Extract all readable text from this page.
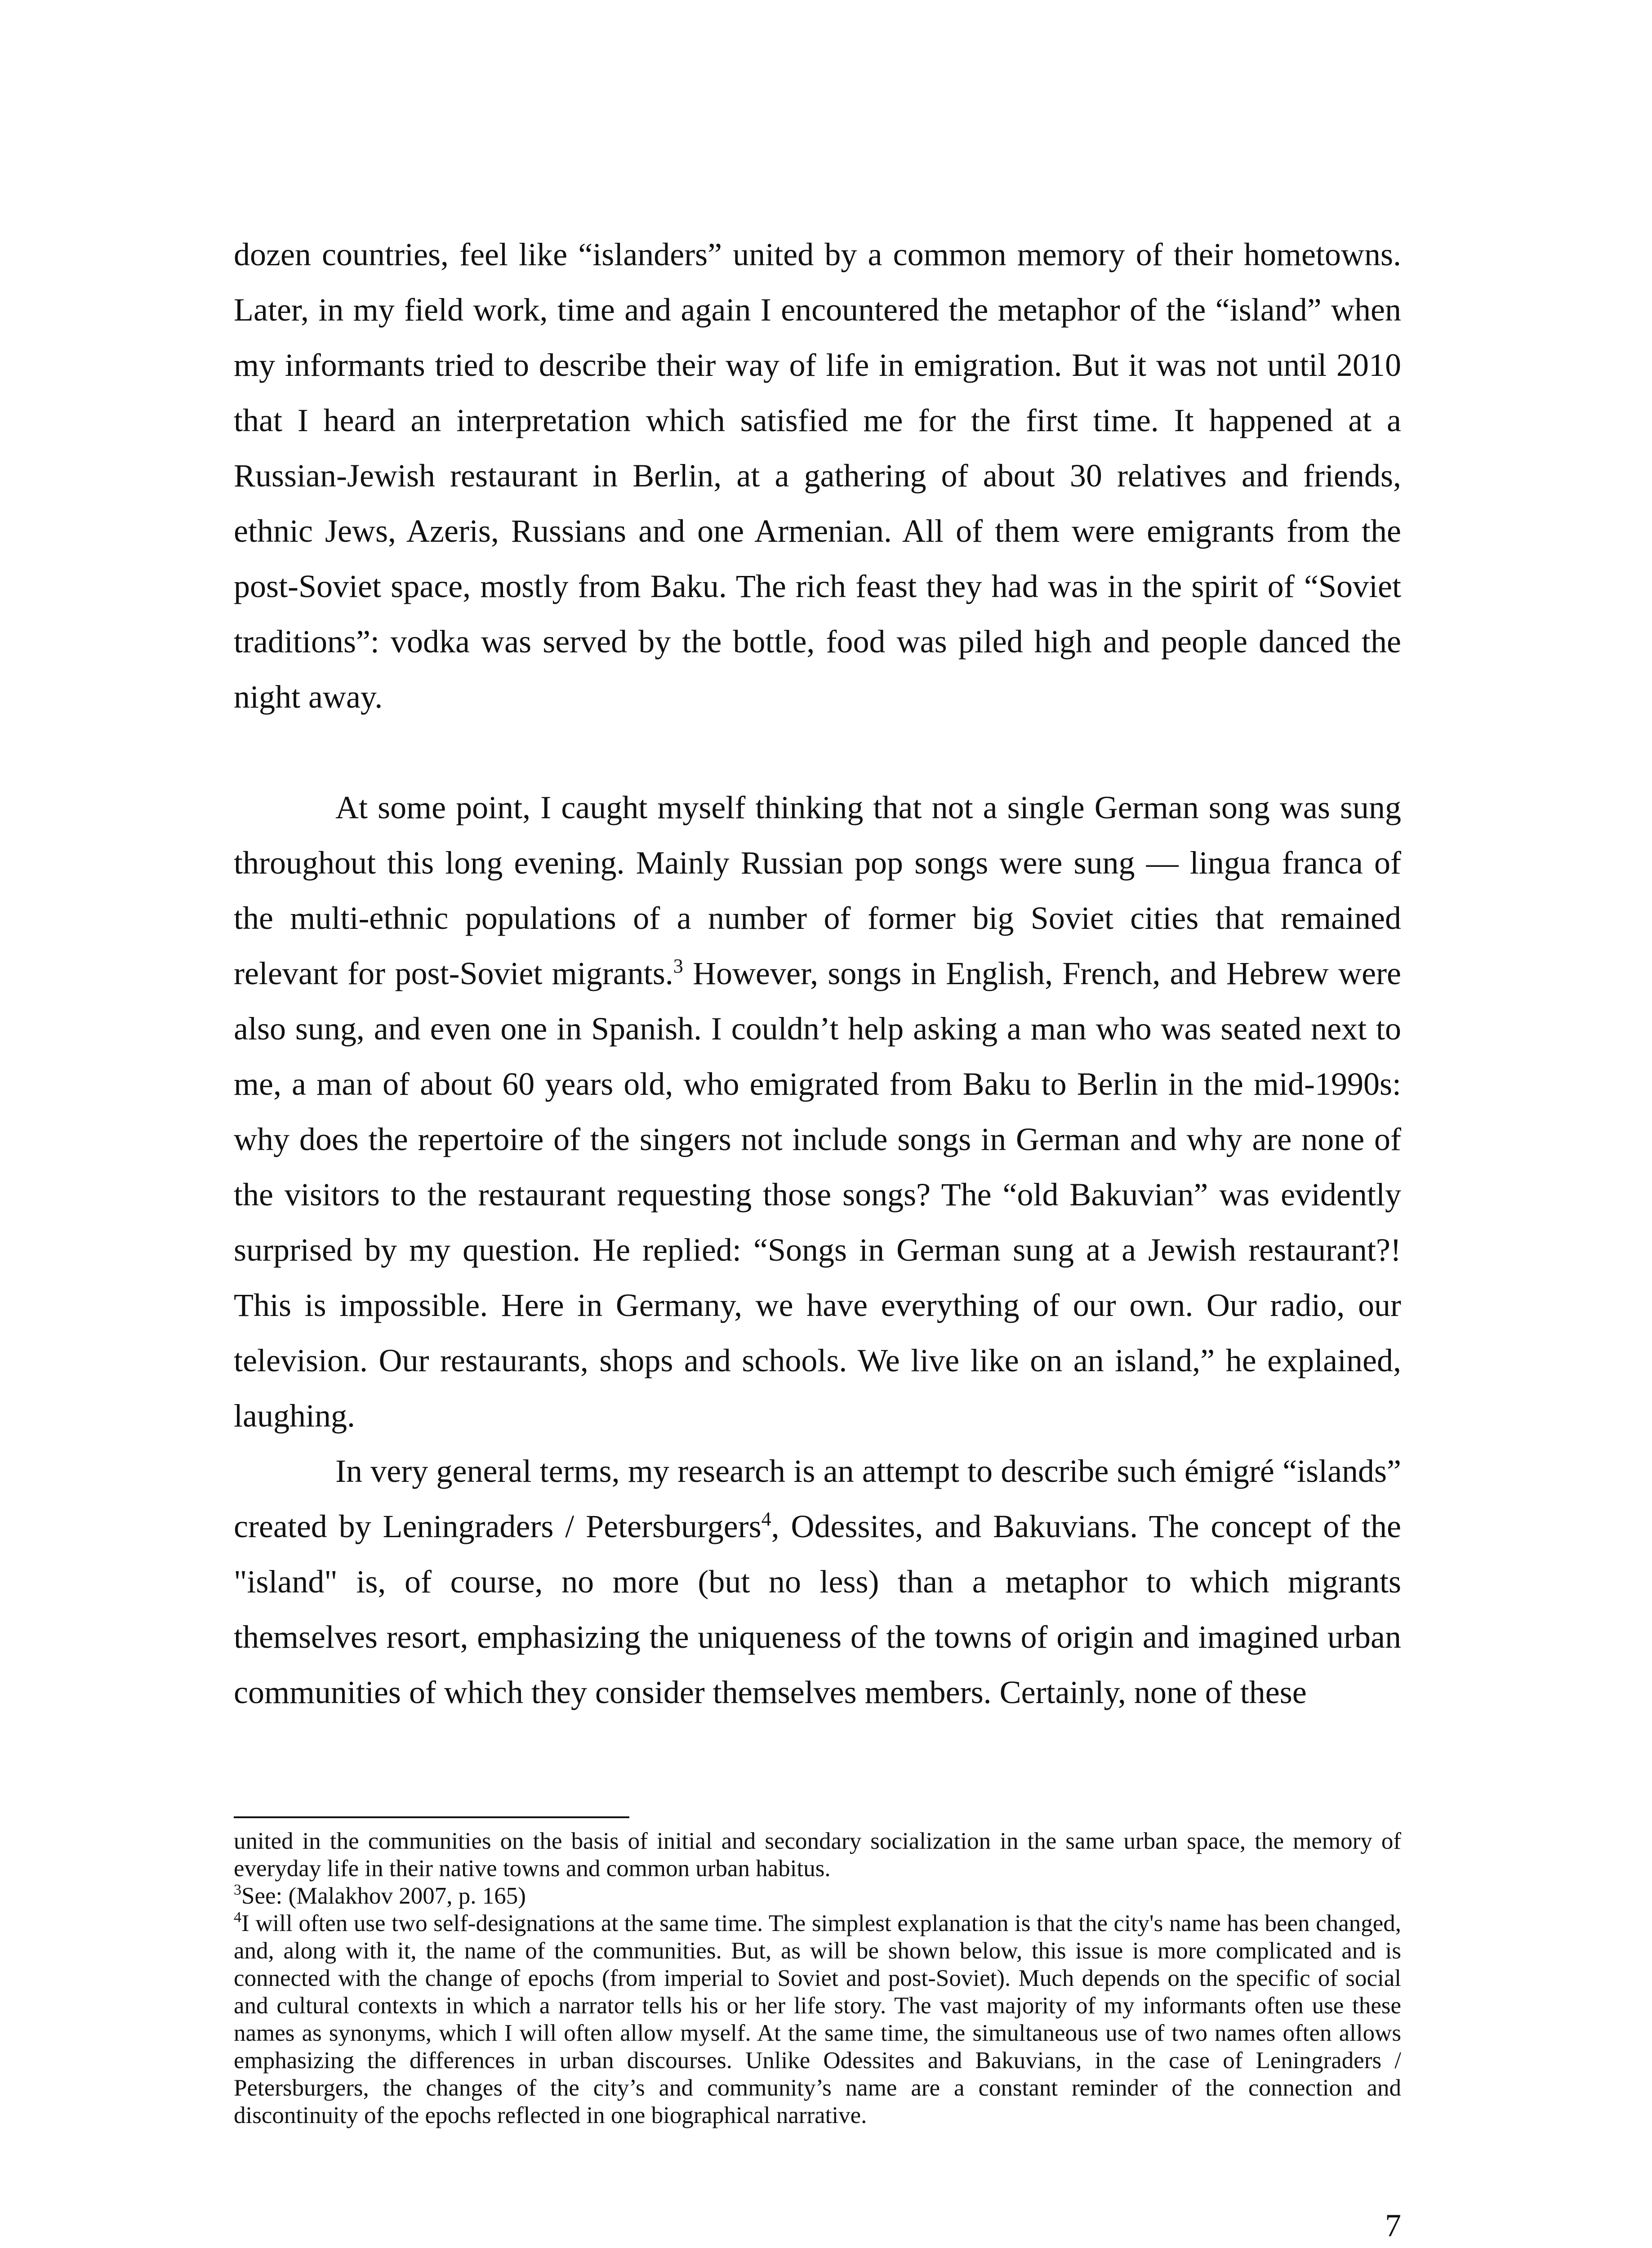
dozen countries, feel like “islanders” united by a common memory of their hometowns. Later, in my field work, time and again I encountered the metaphor of the “island” when my informants tried to describe their way of life in emigration. But it was not until 2010 that I heard an interpretation which satisfied me for the first time. It happened at a Russian-Jewish restaurant in Berlin, at a gathering of about 30 relatives and friends, ethnic Jews, Azeris, Russians and one Armenian. All of them were emigrants from the post-Soviet space, mostly from Baku. The rich feast they had was in the spirit of “Soviet traditions”: vodka was served by the bottle, food was piled high and people danced the night away.

At some point, I caught myself thinking that not a single German song was sung throughout this long evening. Mainly Russian pop songs were sung — lingua franca of the multi-ethnic populations of a number of former big Soviet cities that remained relevant for post-Soviet migrants.$^3$ However, songs in English, French, and Hebrew were also sung, and even one in Spanish. I couldn’t help asking a man who was seated next to me, a man of about 60 years old, who emigrated from Baku to Berlin in the mid-1990s: why does the repertoire of the singers not include songs in German and why are none of the visitors to the restaurant requesting those songs? The “old Bakuvian” was evidently surprised by my question. He replied: “Songs in German sung at a Jewish restaurant?! This is impossible. Here in Germany, we have everything of our own. Our radio, our television. Our restaurants, shops and schools. We live like on an island,” he explained, laughing.

In very general terms, my research is an attempt to describe such émigré “islands” created by Leningraders / Petersburgers$^4$, Odessites, and Bakuvians. The concept of the "island" is, of course, no more (but no less) than a metaphor to which migrants themselves resort, emphasizing the uniqueness of the towns of origin and imagined urban communities of which they consider themselves members. Certainly, none of these

united in the communities on the basis of initial and secondary socialization in the same urban space, the memory of everyday life in their native towns and common urban habitus.

$^3$See: (Malakhov 2007, p. 165)

$^4$I will often use two self-designations at the same time. The simplest explanation is that the city's name has been changed, and, along with it, the name of the communities. But, as will be shown below, this issue is more complicated and is connected with the change of epochs (from imperial to Soviet and post-Soviet). Much depends on the specific of social and cultural contexts in which a narrator tells his or her life story. The vast majority of my informants often use these names as synonyms, which I will often allow myself. At the same time, the simultaneous use of two names often allows emphasizing the differences in urban discourses. Unlike Odessites and Bakuvians, in the case of Leningraders / Petersburgers, the changes of the city’s and community’s name are a constant reminder of the connection and discontinuity of the epochs reflected in one biographical narrative.

7
